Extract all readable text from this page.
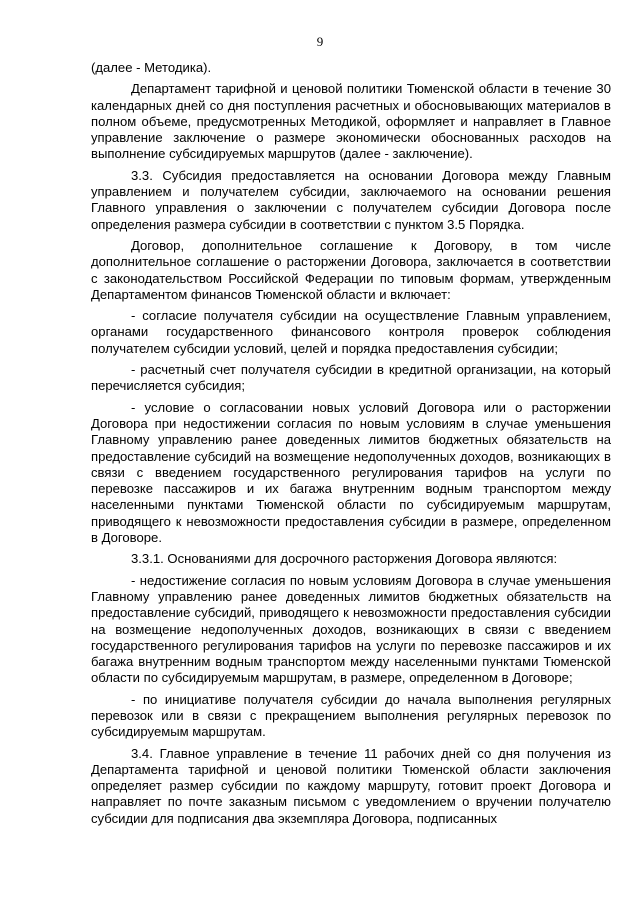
9

(далее - Методика).

Департамент тарифной и ценовой политики Тюменской области в течение 30 календарных дней со дня поступления расчетных и обосновывающих материалов в полном объеме, предусмотренных Методикой, оформляет и направляет в Главное управление заключение о размере экономически обоснованных расходов на выполнение субсидируемых маршрутов (далее - заключение).

3.3. Субсидия предоставляется на основании Договора между Главным управлением и получателем субсидии, заключаемого на основании решения Главного управления о заключении с получателем субсидии Договора после определения размера субсидии в соответствии с пунктом 3.5 Порядка.

Договор, дополнительное соглашение к Договору, в том числе дополнительное соглашение о расторжении Договора, заключается в соответствии с законодательством Российской Федерации по типовым формам, утвержденным Департаментом финансов Тюменской области и включает:

- согласие получателя субсидии на осуществление Главным управлением, органами государственного финансового контроля проверок соблюдения получателем субсидии условий, целей и порядка предоставления субсидии;

- расчетный счет получателя субсидии в кредитной организации, на который перечисляется субсидия;

- условие о согласовании новых условий Договора или о расторжении Договора при недостижении согласия по новым условиям в случае уменьшения Главному управлению ранее доведенных лимитов бюджетных обязательств на предоставление субсидий на возмещение недополученных доходов, возникающих в связи с введением государственного регулирования тарифов на услуги по перевозке пассажиров и их багажа внутренним водным транспортом между населенными пунктами Тюменской области по субсидируемым маршрутам, приводящего к невозможности предоставления субсидии в размере, определенном в Договоре.

3.3.1. Основаниями для досрочного расторжения Договора являются:

- недостижение согласия по новым условиям Договора в случае уменьшения Главному управлению ранее доведенных лимитов бюджетных обязательств на предоставление субсидий, приводящего к невозможности предоставления субсидии на возмещение недополученных доходов, возникающих в связи с введением государственного регулирования тарифов на услуги по перевозке пассажиров и их багажа внутренним водным транспортом между населенными пунктами Тюменской области по субсидируемым маршрутам, в размере, определенном в Договоре;

- по инициативе получателя субсидии до начала выполнения регулярных перевозок или в связи с прекращением выполнения регулярных перевозок по субсидируемым маршрутам.

3.4. Главное управление в течение 11 рабочих дней со дня получения из Департамента тарифной и ценовой политики Тюменской области заключения определяет размер субсидии по каждому маршруту, готовит проект Договора и направляет по почте заказным письмом с уведомлением о вручении получателю субсидии для подписания два экземпляра Договора, подписанных
